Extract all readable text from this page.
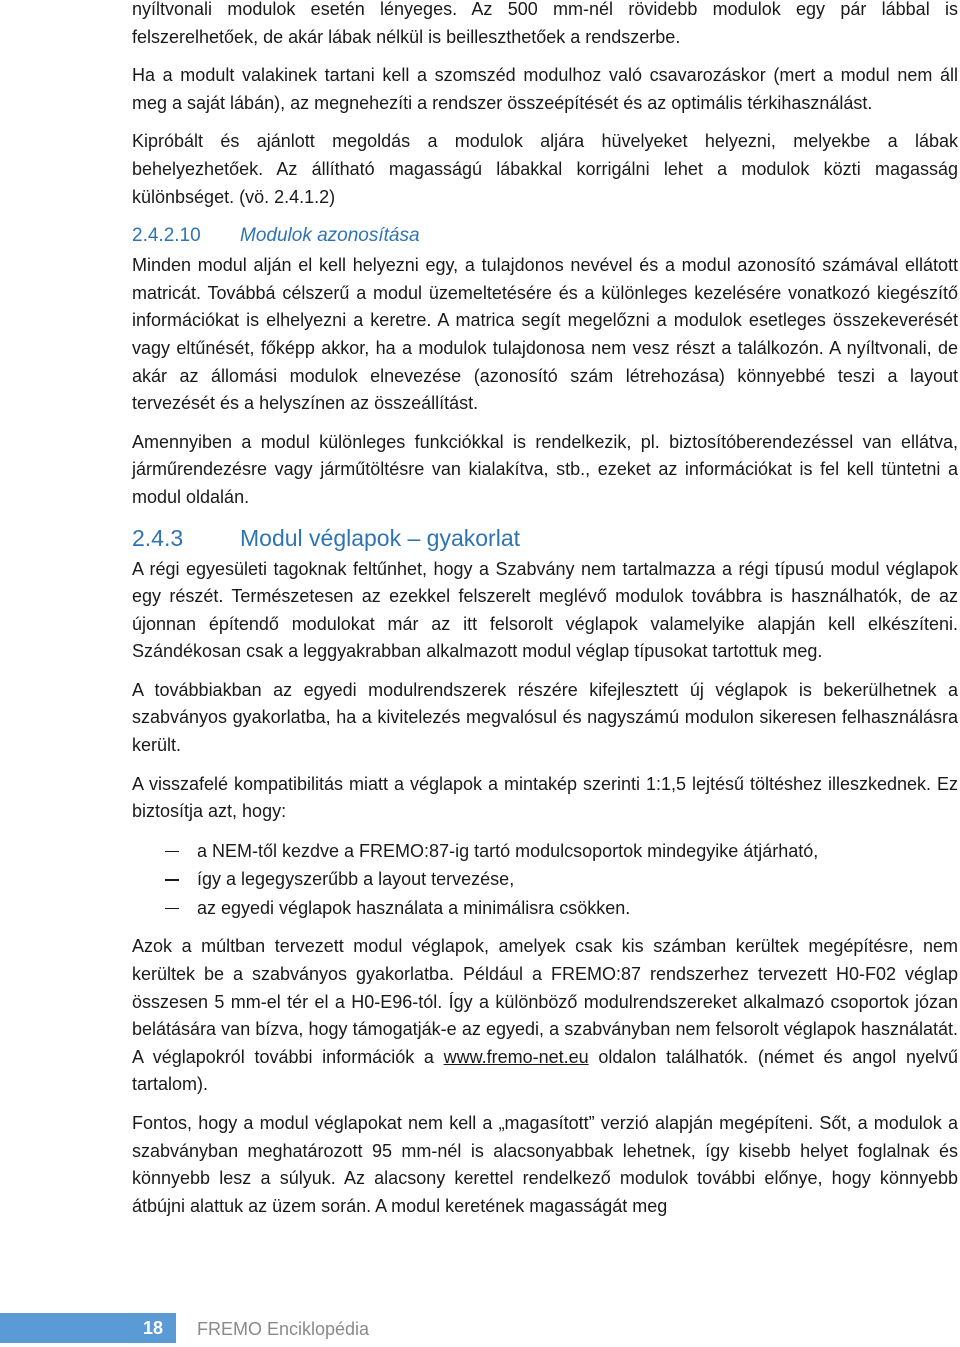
nyíltvonali modulok esetén lényeges. Az 500 mm-nél rövidebb modulok egy pár lábbal is felszerelhetőek, de akár lábak nélkül is beilleszthetőek a rendszerbe.

Ha a modult valakinek tartani kell a szomszéd modulhoz való csavarozáskor (mert a modul nem áll meg a saját lábán), az megnehezíti a rendszer összeépítését és az optimális térkihasználást.

Kipróbált és ajánlott megoldás a modulok aljára hüvelyeket helyezni, melyekbe a lábak behelyezhetőek. Az állítható magasságú lábakkal korrigálni lehet a modulok közti magasság különbséget. (vö. 2.4.1.2)

2.4.2.10 Modulok azonosítása

Minden modul alján el kell helyezni egy, a tulajdonos nevével és a modul azonosító számával ellátott matricát. Továbbá célszerű a modul üzemeltetésére és a különleges kezelésére vonatkozó kiegészítő információkat is elhelyezni a keretre. A matrica segít megelőzni a modulok esetleges összekeverését vagy eltűnését, főképp akkor, ha a modulok tulajdonosa nem vesz részt a találkozón. A nyíltvonali, de akár az állomási modulok elnevezése (azonosító szám létrehozása) könnyebbé teszi a layout tervezését és a helyszínen az összeállítást.

Amennyiben a modul különleges funkciókkal is rendelkezik, pl. biztosítóberendezéssel van ellátva, járműrendezésre vagy járműtöltésre van kialakítva, stb., ezeket az információkat is fel kell tüntetni a modul oldalán.

2.4.3 Modul véglapok – gyakorlat

A régi egyesületi tagoknak feltűnhet, hogy a Szabvány nem tartalmazza a régi típusú modul véglapok egy részét. Természetesen az ezekkel felszerelt meglévő modulok továbbra is használhatók, de az újonnan építendő modulokat már az itt felsorolt véglapok valamelyike alapján kell elkészíteni. Szándékosan csak a leggyakrabban alkalmazott modul véglap típusokat tartottuk meg.

A továbbiakban az egyedi modulrendszerek részére kifejlesztett új véglapok is bekerülhetnek a szabványos gyakorlatba, ha a kivitelezés megvalósul és nagyszámú modulon sikeresen felhasználásra került.

A visszafelé kompatibilitás miatt a véglapok a mintakép szerinti 1:1,5 lejtésű töltéshez illeszkednek. Ez biztosítja azt, hogy:

a NEM-től kezdve a FREMO:87-ig tartó modulcsoportok mindegyike átjárható,
így a legegyszerűbb a layout tervezése,
az egyedi véglapok használata a minimálisra csökken.

Azok a múltban tervezett modul véglapok, amelyek csak kis számban kerültek megépítésre, nem kerültek be a szabványos gyakorlatba. Például a FREMO:87 rendszerhez tervezett H0-F02 véglap összesen 5 mm-el tér el a H0-E96-tól. Így a különböző modulrendszereket alkalmazó csoportok józan belátására van bízva, hogy támogatják-e az egyedi, a szabványban nem felsorolt véglapok használatát. A véglapokról további információk a www.fremo-net.eu oldalon találhatók. (német és angol nyelvű tartalom).

Fontos, hogy a modul véglapokat nem kell a „magasított” verzió alapján megépíteni. Sőt, a modulok a szabványban meghatározott 95 mm-nél is alacsonyabbak lehetnek, így kisebb helyet foglalnak és könnyebb lesz a súlyuk. Az alacsony kerettel rendelkező modulok további előnye, hogy könnyebb átbújni alattuk az üzem során. A modul keretének magasságát meg

18	FREMO Enciklopédia
